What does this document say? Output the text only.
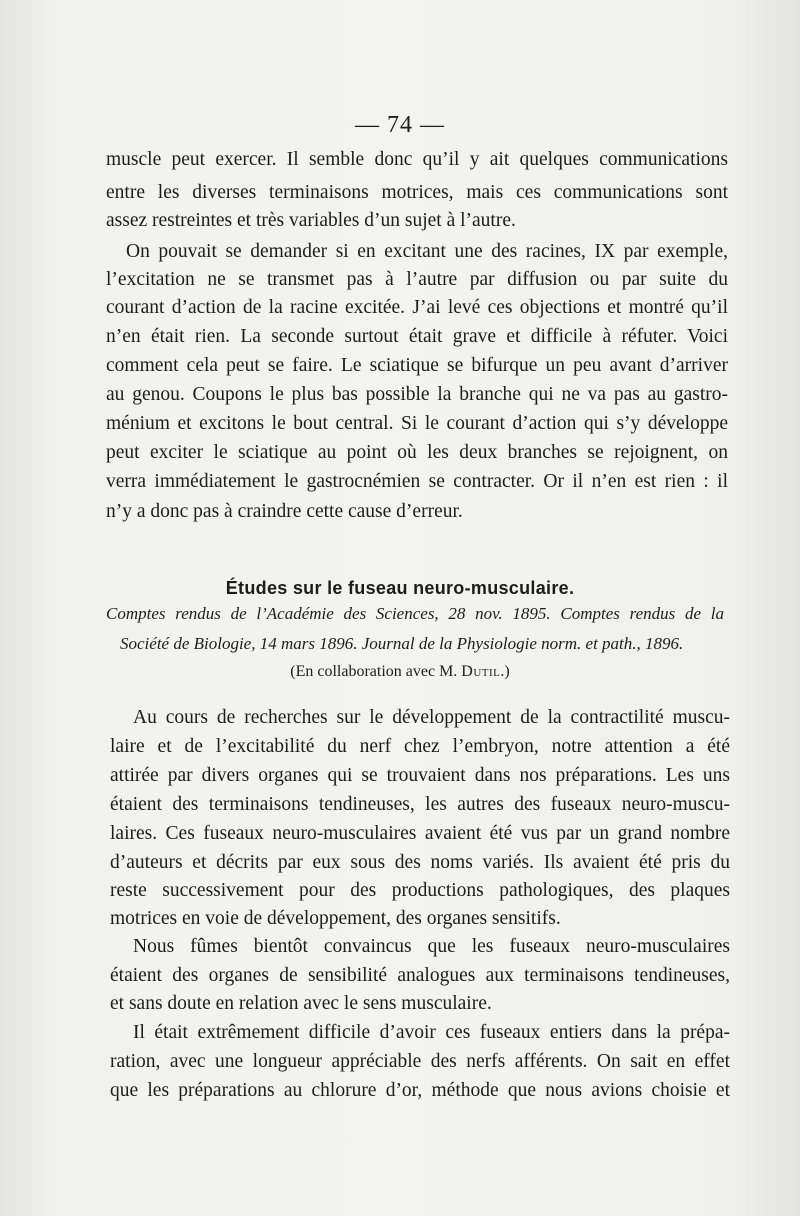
— 74 —
muscle peut exercer. Il semble donc qu’il y ait quelques communications
entre les diverses terminaisons motrices, mais ces communications sont
assez restreintes et très variables d’un sujet à l’autre.
On pouvait se demander si en excitant une des racines, IX par exemple,
l’excitation ne se transmet pas à l’autre par diffusion ou par suite du
courant d’action de la racine excitée. J’ai levé ces objections et montré qu’il
n’en était rien. La seconde surtout était grave et difficile à réfuter. Voici
comment cela peut se faire. Le sciatique se bifurque un peu avant d’arriver
au genou. Coupons le plus bas possible la branche qui ne va pas au gastro-
ménium et excitons le bout central. Si le courant d’action qui s’y développe
peut exciter le sciatique au point où les deux branches se rejoignent, on
verra immédiatement le gastrocnémien se contracter. Or il n’en est rien : il
n’y a donc pas à craindre cette cause d’erreur.
Études sur le fuseau neuro-musculaire.
Comptes rendus de l’Académie des Sciences, 28 nov. 1895. Comptes rendus de la
Société de Biologie, 14 mars 1896. Journal de la Physiologie norm. et path., 1896.
(En collaboration avec M. Dutil.)
Au cours de recherches sur le développement de la contractilité muscu-
laire et de l’excitabilité du nerf chez l’embryon, notre attention a été
attirée par divers organes qui se trouvaient dans nos préparations. Les uns
étaient des terminaisons tendineuses, les autres des fuseaux neuro-muscu-
laires. Ces fuseaux neuro-musculaires avaient été vus par un grand nombre
d’auteurs et décrits par eux sous des noms variés. Ils avaient été pris du
reste successivement pour des productions pathologiques, des plaques
motrices en voie de développement, des organes sensitifs.
Nous fûmes bientôt convaincus que les fuseaux neuro-musculaires
étaient des organes de sensibilité analogues aux terminaisons tendineuses,
et sans doute en relation avec le sens musculaire.
Il était extrêmement difficile d’avoir ces fuseaux entiers dans la prépa-
ration, avec une longueur appréciable des nerfs afférents. On sait en effet
que les préparations au chlorure d’or, méthode que nous avions choisie et
